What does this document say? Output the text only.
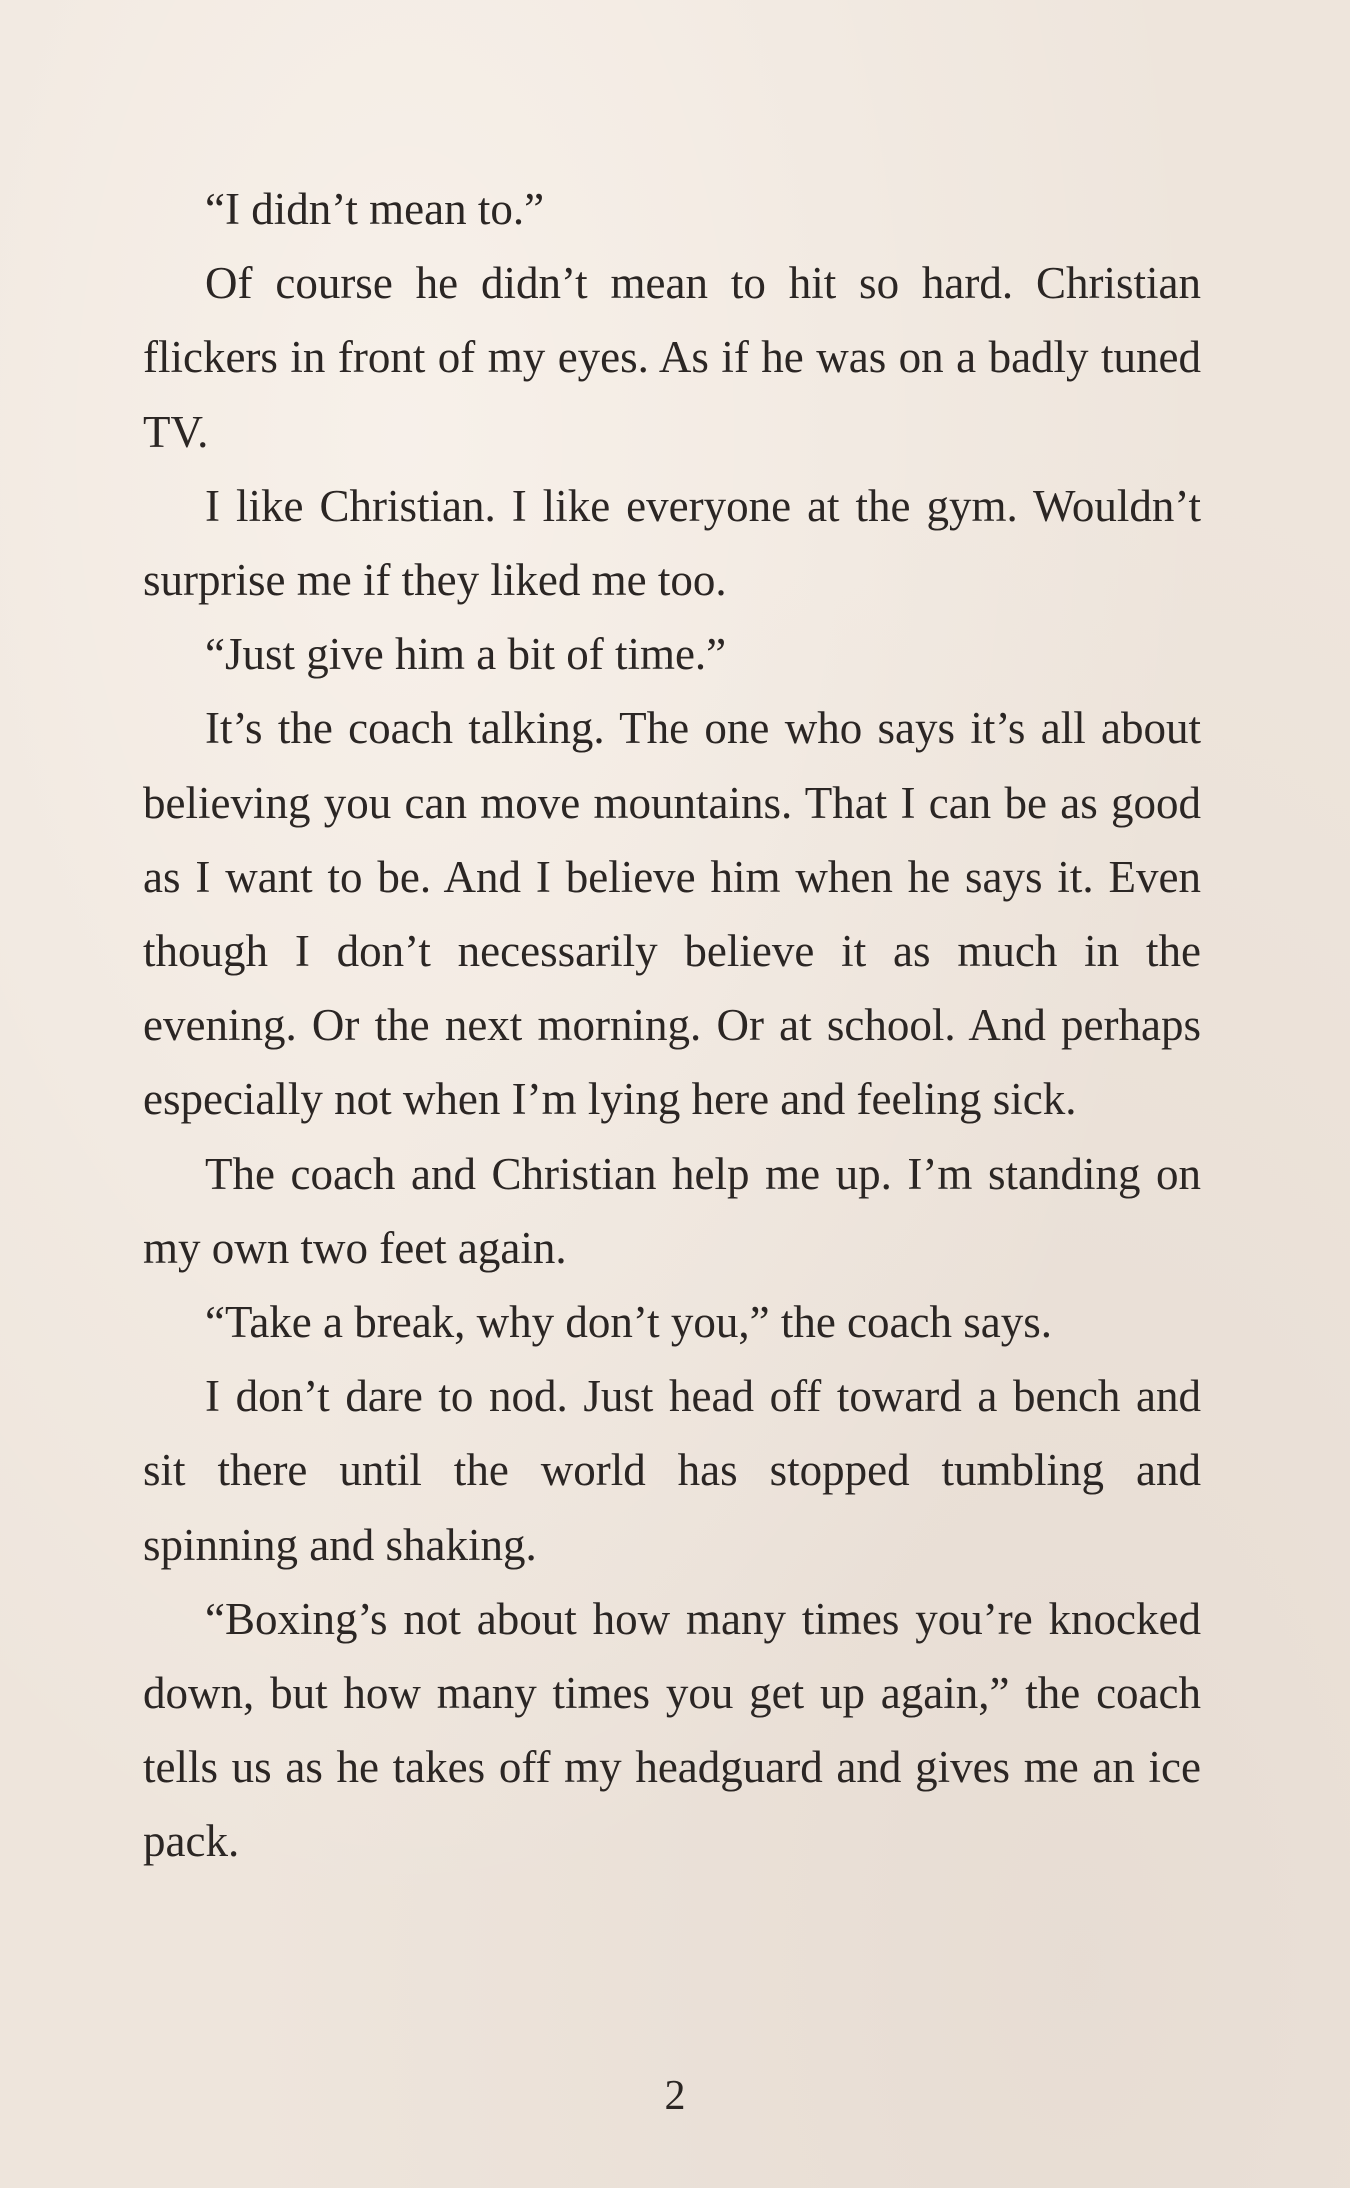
“I didn’t mean to.”

Of course he didn’t mean to hit so hard. Christian flickers in front of my eyes. As if he was on a badly tuned TV.

I like Christian. I like everyone at the gym. Wouldn’t surprise me if they liked me too.

“Just give him a bit of time.”

It’s the coach talking. The one who says it’s all about believing you can move mountains. That I can be as good as I want to be. And I believe him when he says it. Even though I don’t necessarily believe it as much in the evening. Or the next morning. Or at school. And perhaps especially not when I’m lying here and feeling sick.

The coach and Christian help me up. I’m standing on my own two feet again.

“Take a break, why don’t you,” the coach says.

I don’t dare to nod. Just head off toward a bench and sit there until the world has stopped tumbling and spinning and shaking.

“Boxing’s not about how many times you’re knocked down, but how many times you get up again,” the coach tells us as he takes off my headguard and gives me an ice pack.

2
